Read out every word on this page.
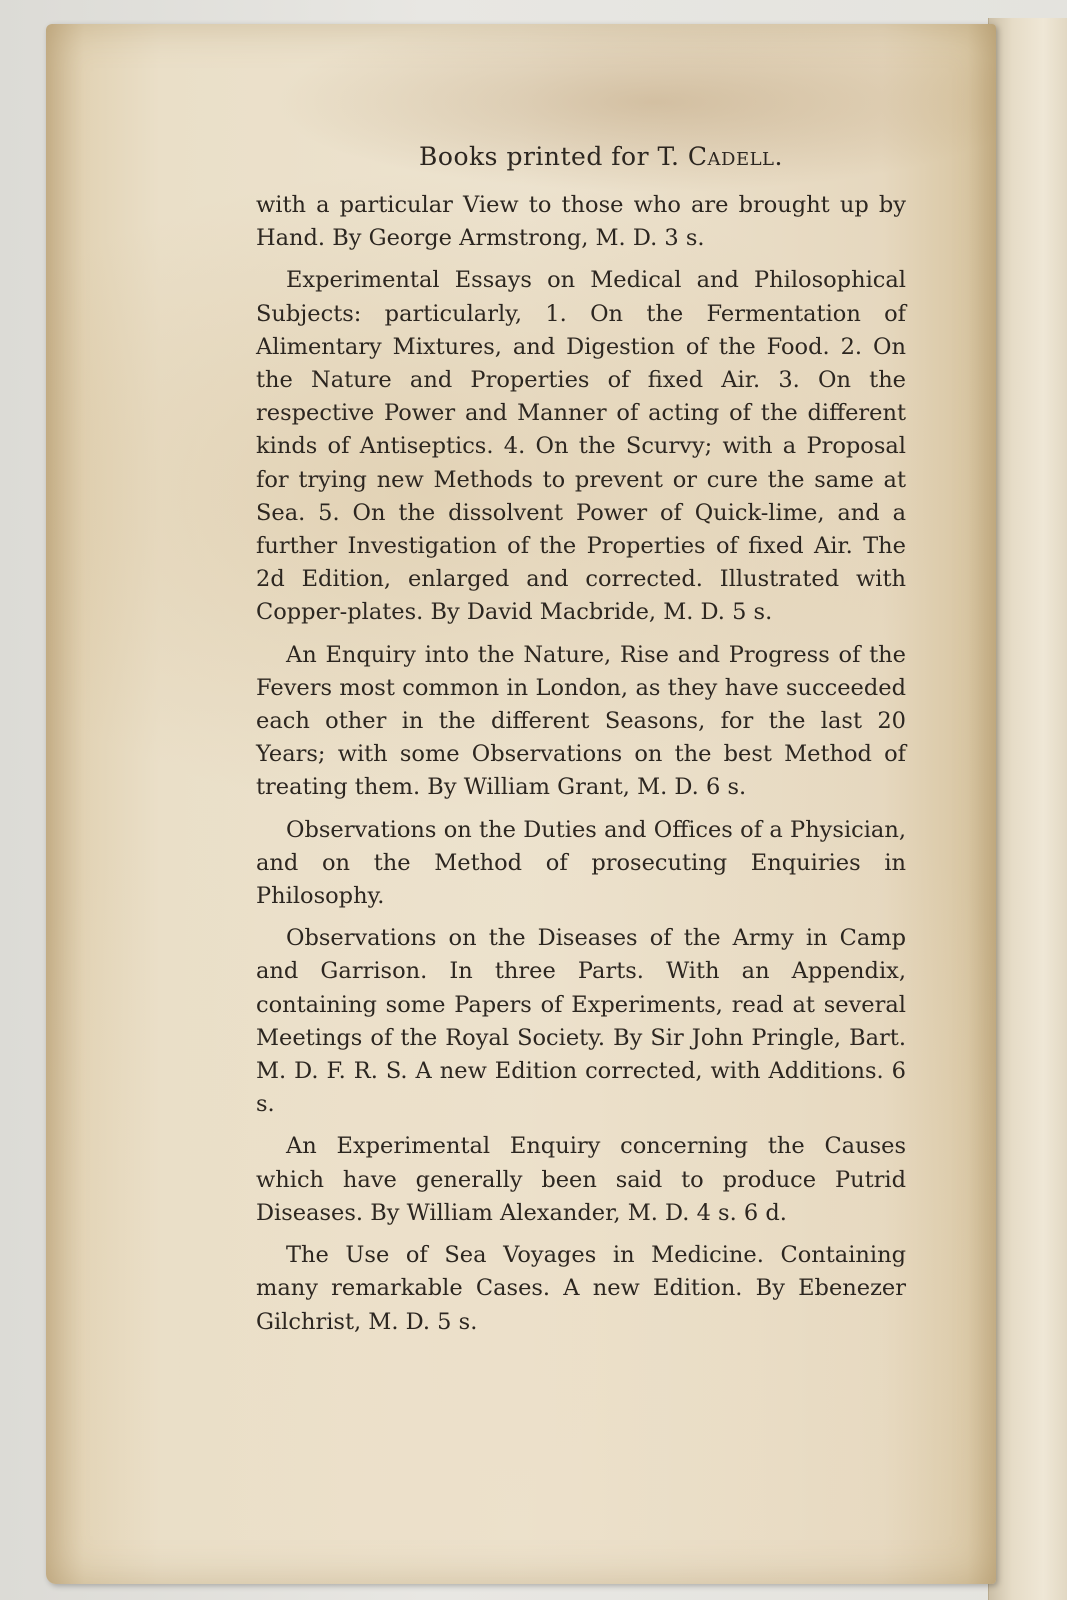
Books printed for T. Cadell.

with a particular View to those who are brought up by Hand. By George Armstrong, M. D. 3 s.

Experimental Essays on Medical and Philosophical Subjects: particularly, 1. On the Fermentation of Alimentary Mixtures, and Digestion of the Food. 2. On the Nature and Properties of fixed Air. 3. On the respective Power and Manner of acting of the different kinds of Antiseptics. 4. On the Scurvy; with a Proposal for trying new Methods to prevent or cure the same at Sea. 5. On the dissolvent Power of Quick-lime, and a further Investigation of the Properties of fixed Air. The 2d Edition, enlarged and corrected. Illustrated with Copper-plates. By David Macbride, M. D. 5 s.

An Enquiry into the Nature, Rise and Progress of the Fevers most common in London, as they have succeeded each other in the different Seasons, for the last 20 Years; with some Observations on the best Method of treating them. By William Grant, M. D. 6 s.

Observations on the Duties and Offices of a Physician, and on the Method of prosecuting Enquiries in Philosophy.

Observations on the Diseases of the Army in Camp and Garrison. In three Parts. With an Appendix, containing some Papers of Experiments, read at several Meetings of the Royal Society. By Sir John Pringle, Bart. M. D. F. R. S. A new Edition corrected, with Additions. 6 s.

An Experimental Enquiry concerning the Causes which have generally been said to produce Putrid Diseases. By William Alexander, M. D. 4 s. 6 d.

The Use of Sea Voyages in Medicine. Containing many remarkable Cases. A new Edition. By Ebenezer Gilchrist, M. D. 5 s.
